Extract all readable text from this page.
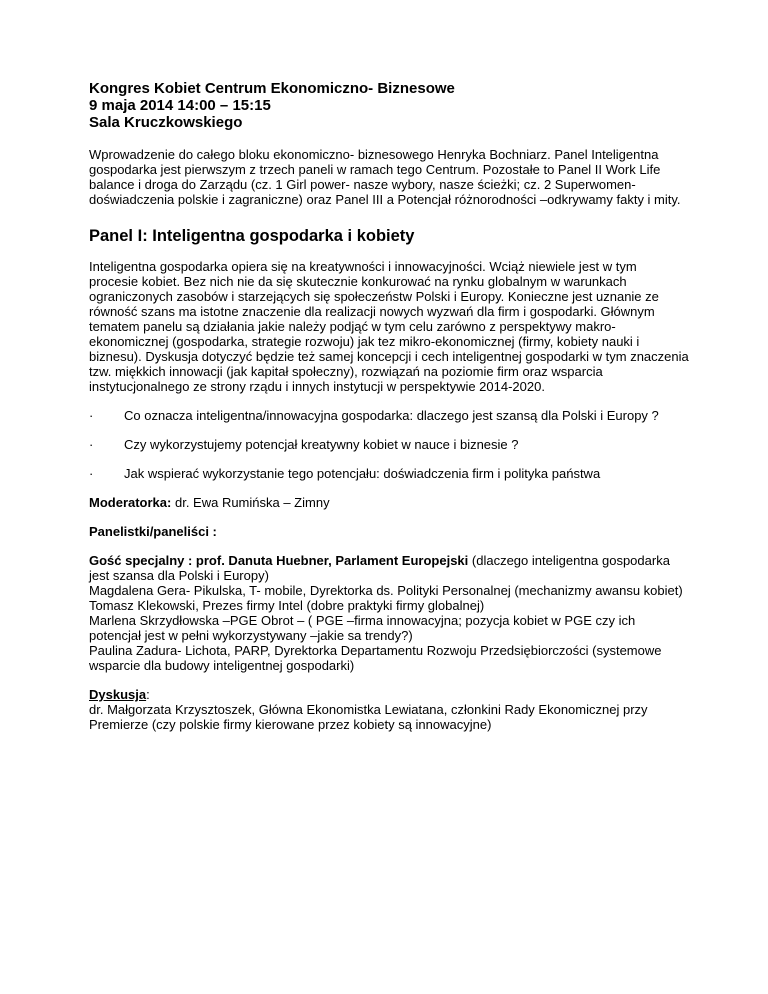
Kongres Kobiet Centrum Ekonomiczno- Biznesowe
9 maja 2014 14:00 – 15:15
Sala Kruczkowskiego

Wprowadzenie do całego bloku ekonomiczno- biznesowego Henryka Bochniarz. Panel Inteligentna gospodarka jest pierwszym z trzech paneli w ramach tego Centrum. Pozostałe to Panel II Work Life balance i droga do Zarządu (cz. 1 Girl power- nasze wybory, nasze ścieżki; cz. 2 Superwomen- doświadczenia polskie i zagraniczne) oraz Panel III a Potencjał różnorodności –odkrywamy fakty i mity.

Panel I: Inteligentna gospodarka i kobiety

Inteligentna gospodarka opiera się na kreatywności i innowacyjności. Wciąż niewiele jest w tym procesie kobiet. Bez nich nie da się skutecznie konkurować na rynku globalnym w warunkach ograniczonych zasobów i starzejących się społeczeństw Polski i Europy. Konieczne jest uznanie ze równość szans ma istotne znaczenie dla realizacji nowych wyzwań dla firm i gospodarki. Głównym tematem panelu są działania jakie należy podjąć w tym celu zarówno z perspektywy makro-ekonomicznej (gospodarka, strategie rozwoju) jak tez mikro-ekonomicznej (firmy, kobiety nauki i biznesu). Dyskusja dotyczyć będzie też samej koncepcji i cech inteligentnej gospodarki w tym znaczenia tzw. miękkich innowacji (jak kapitał społeczny), rozwiązań na poziomie firm oraz wsparcia instytucjonalnego ze strony rządu i innych instytucji w perspektywie 2014-2020.

·	Co oznacza inteligentna/innowacyjna gospodarka: dlaczego jest szansą dla Polski i Europy ?
·	Czy wykorzystujemy potencjał kreatywny kobiet w nauce i biznesie ?
·	Jak wspierać wykorzystanie tego potencjału: doświadczenia firm i polityka państwa

Moderatorka: dr. Ewa Rumińska – Zimny

Panelistki/paneliści :

Gość specjalny : prof. Danuta Huebner, Parlament Europejski (dlaczego inteligentna gospodarka jest szansa dla Polski i Europy)

Magdalena Gera- Pikulska, T- mobile, Dyrektorka ds. Polityki Personalnej (mechanizmy awansu kobiet)

Tomasz Klekowski, Prezes firmy Intel (dobre praktyki firmy globalnej)

Marlena Skrzydłowska –PGE Obrot – ( PGE –firma innowacyjna; pozycja kobiet w PGE czy ich potencjał jest w pełni wykorzystywany –jakie sa trendy?)

Paulina Zadura- Lichota, PARP, Dyrektorka Departamentu Rozwoju Przedsiębiorczości (systemowe wsparcie dla budowy inteligentnej gospodarki)

Dyskusja:

dr. Małgorzata Krzysztoszek, Główna Ekonomistka Lewiatana, członkini Rady Ekonomicznej przy Premierze (czy polskie firmy kierowane przez kobiety są innowacyjne)
